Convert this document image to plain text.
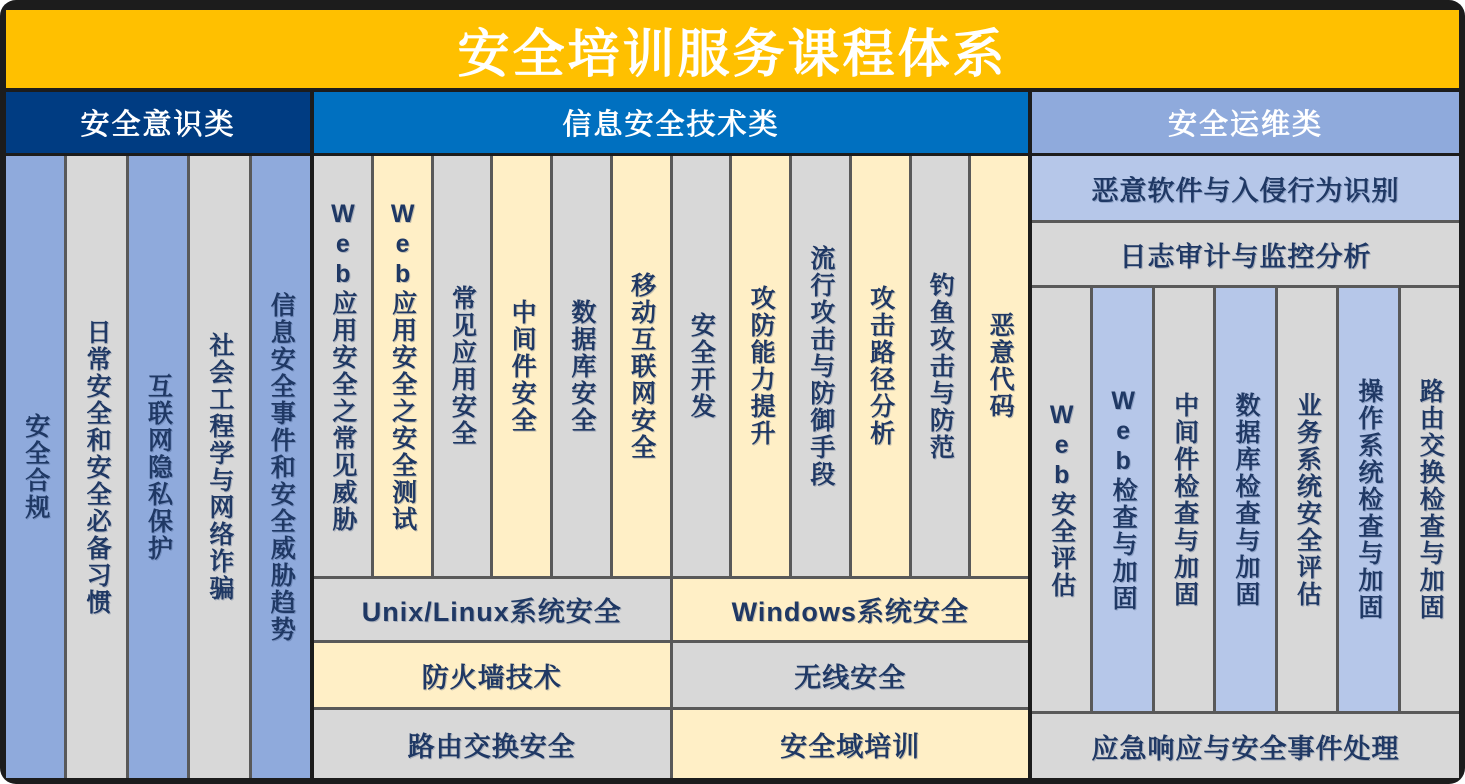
安全培训服务课程体系
安全意识类
安全合规	日常安全和安全必备习惯	互联网隐私保护	社会工程学与网络诈骗	信息安全事件和安全威胁趋势
信息安全技术类
Web应用安全之常见威胁	Web应用安全之安全测试	常见应用安全	中间件安全	数据库安全	移动互联网安全	安全开发	攻防能力提升	流行攻击与防御手段	攻击路径分析	钓鱼攻击与防范	恶意代码
Unix/Linux系统安全	Windows系统安全
防火墙技术	无线安全
路由交换安全	安全域培训
安全运维类
恶意软件与入侵行为识别
日志审计与监控分析
Web安全评估	Web检查与加固	中间件检查与加固	数据库检查与加固	业务系统安全评估	操作系统检查与加固	路由交换检查与加固
应急响应与安全事件处理
